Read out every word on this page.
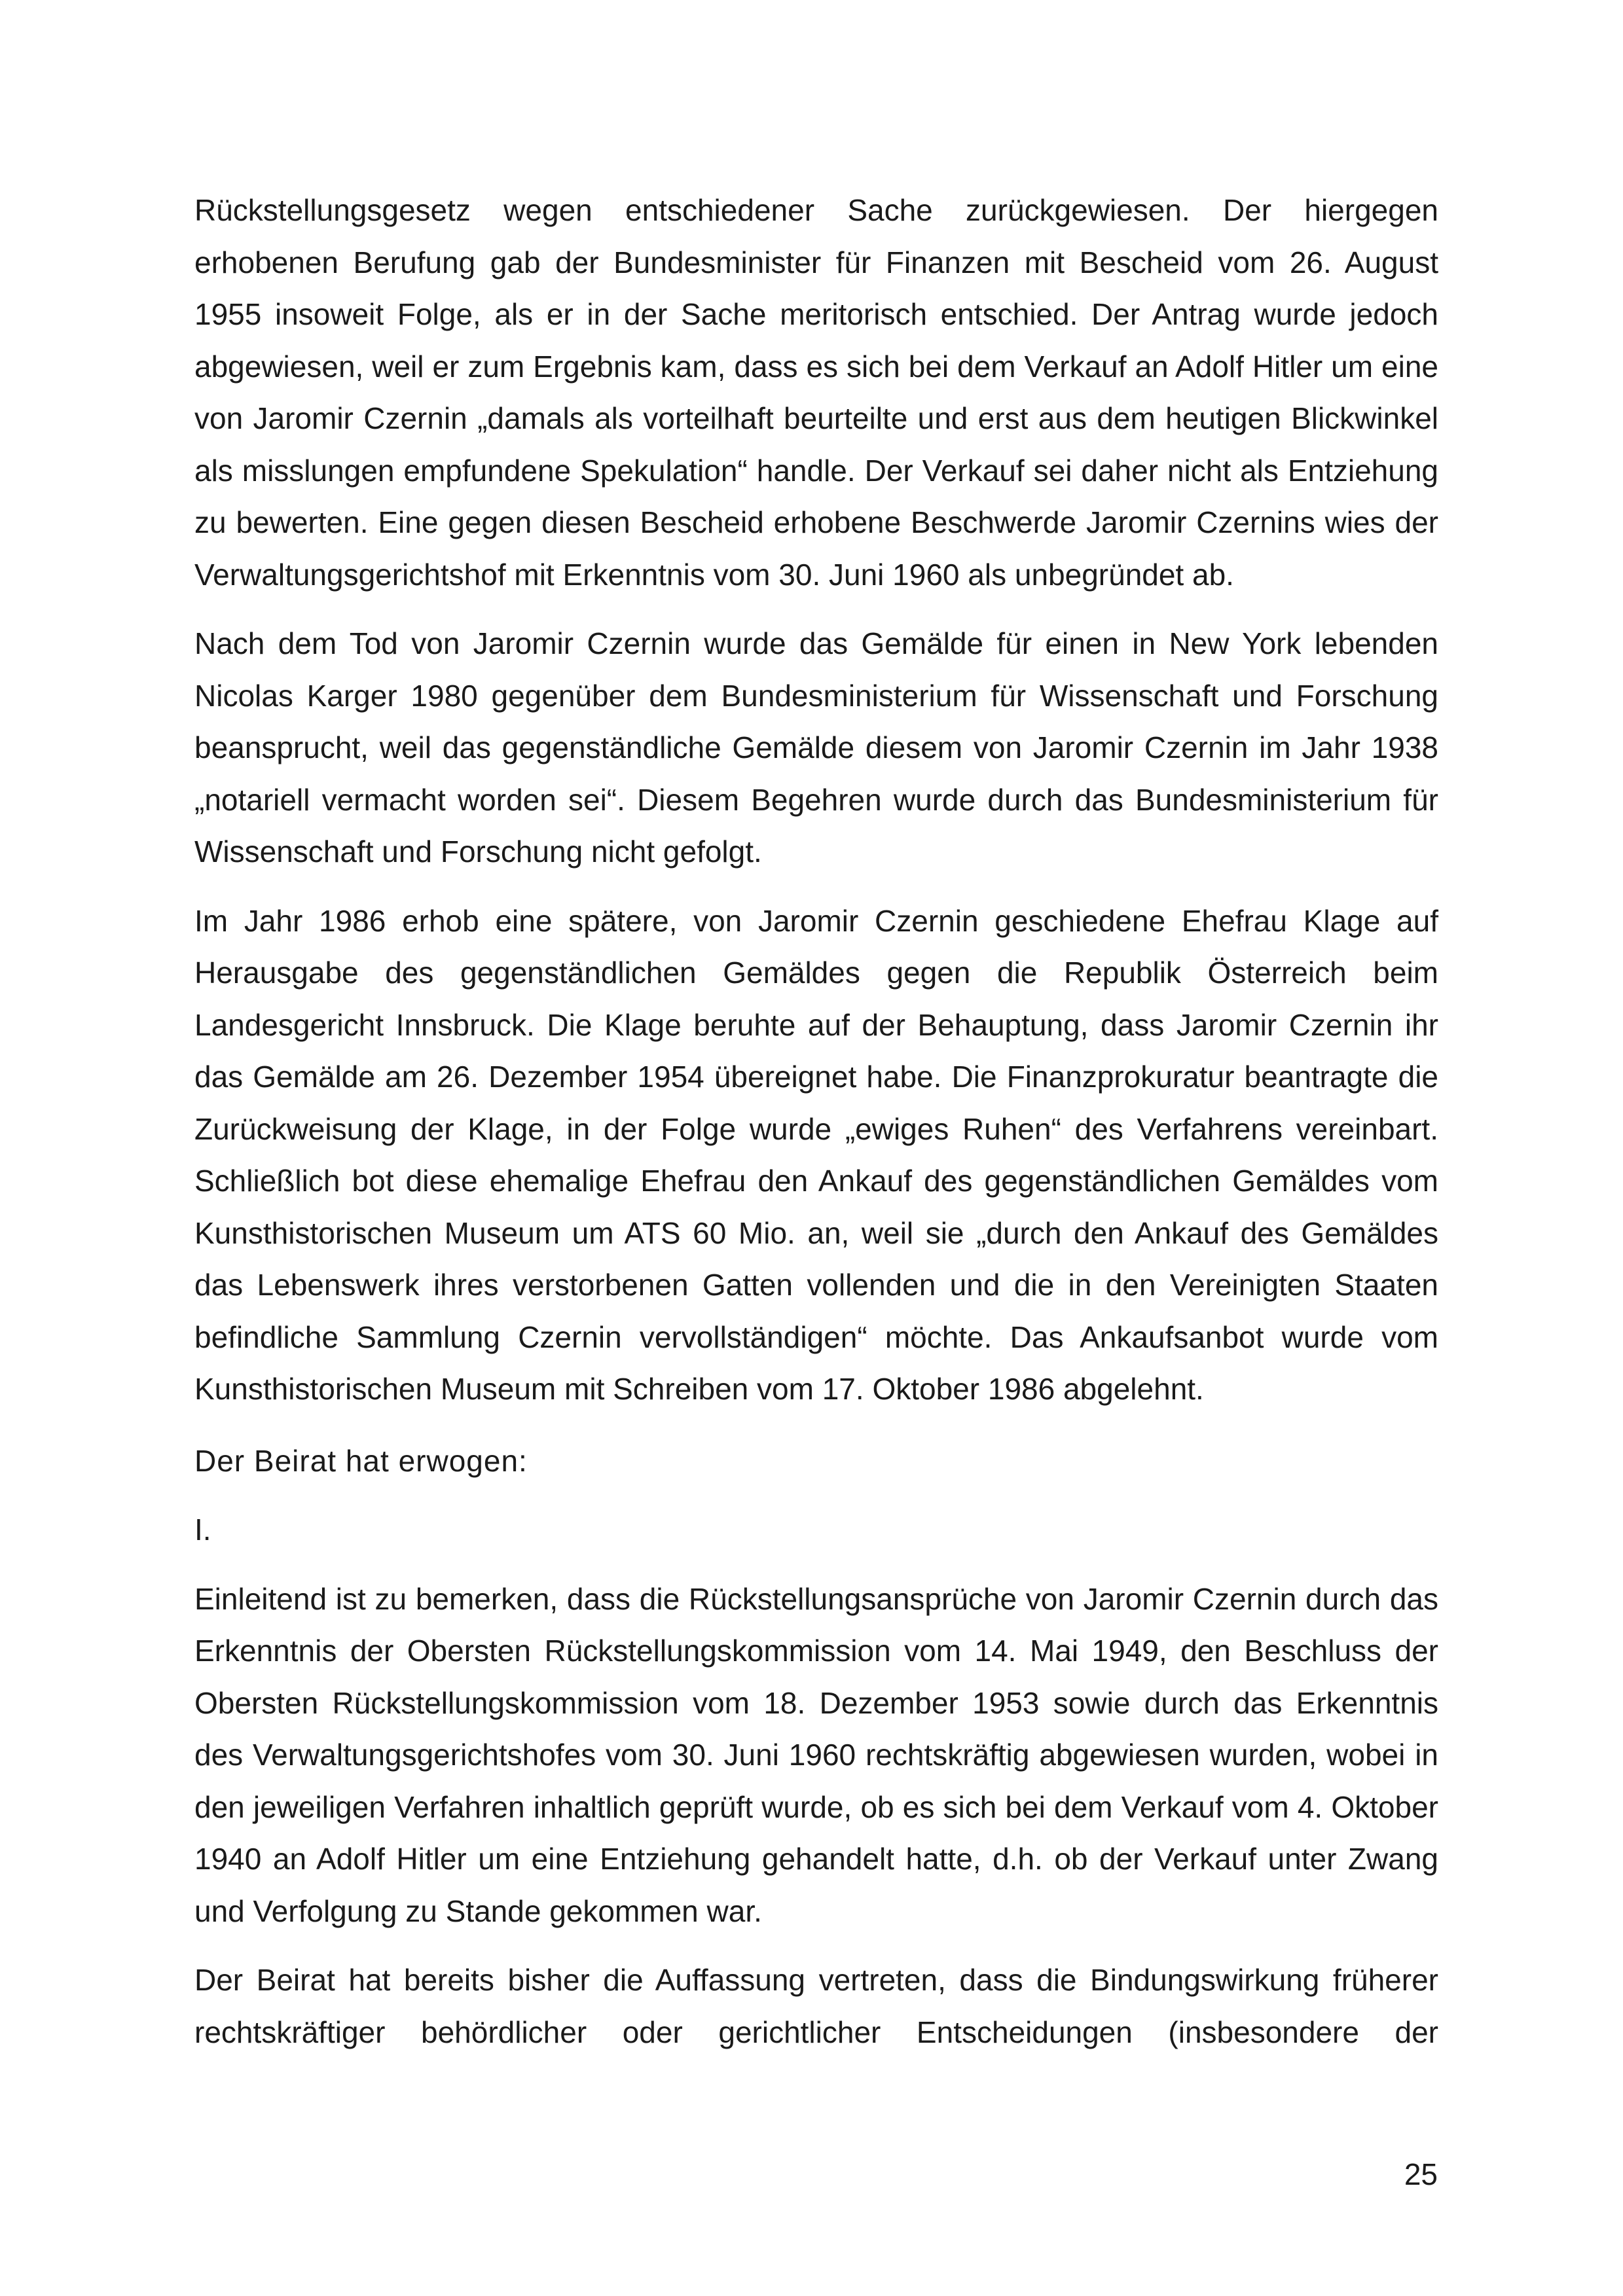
Rückstellungsgesetz wegen entschiedener Sache zurückgewiesen. Der hiergegen erhobenen Berufung gab der Bundesminister für Finanzen mit Bescheid vom 26. August 1955 insoweit Folge, als er in der Sache meritorisch entschied. Der Antrag wurde jedoch abgewiesen, weil er zum Ergebnis kam, dass es sich bei dem Verkauf an Adolf Hitler um eine von Jaromir Czernin „damals als vorteilhaft beurteilte und erst aus dem heutigen Blickwinkel als misslungen empfundene Spekulation“ handle. Der Verkauf sei daher nicht als Entziehung zu bewerten. Eine gegen diesen Bescheid erhobene Beschwerde Jaromir Czernins wies der Verwaltungsgerichtshof mit Erkenntnis vom 30. Juni 1960 als unbegründet ab.

Nach dem Tod von Jaromir Czernin wurde das Gemälde für einen in New York lebenden Nicolas Karger 1980 gegenüber dem Bundesministerium für Wissenschaft und Forschung beansprucht, weil das gegenständliche Gemälde diesem von Jaromir Czernin im Jahr 1938 „notariell vermacht worden sei“. Diesem Begehren wurde durch das Bundesministerium für Wissenschaft und Forschung nicht gefolgt.

Im Jahr 1986 erhob eine spätere, von Jaromir Czernin geschiedene Ehefrau Klage auf Herausgabe des gegenständlichen Gemäldes gegen die Republik Österreich beim Landesgericht Innsbruck. Die Klage beruhte auf der Behauptung, dass Jaromir Czernin ihr das Gemälde am 26. Dezember 1954 übereignet habe. Die Finanzprokuratur beantragte die Zurückweisung der Klage, in der Folge wurde „ewiges Ruhen“ des Verfahrens vereinbart. Schließlich bot diese ehemalige Ehefrau den Ankauf des gegenständlichen Gemäldes vom Kunsthistorischen Museum um ATS 60 Mio. an, weil sie „durch den Ankauf des Gemäldes das Lebenswerk ihres verstorbenen Gatten vollenden und die in den Vereinigten Staaten befindliche Sammlung Czernin vervollständigen“ möchte. Das Ankaufsanbot wurde vom Kunsthistorischen Museum mit Schreiben vom 17. Oktober 1986 abgelehnt.

Der Beirat hat erwogen:

I.

Einleitend ist zu bemerken, dass die Rückstellungsansprüche von Jaromir Czernin durch das Erkenntnis der Obersten Rückstellungskommission vom 14. Mai 1949, den Beschluss der Obersten Rückstellungskommission vom 18. Dezember 1953 sowie durch das Erkenntnis des Verwaltungsgerichtshofes vom 30. Juni 1960 rechtskräftig abgewiesen wurden, wobei in den jeweiligen Verfahren inhaltlich geprüft wurde, ob es sich bei dem Verkauf vom 4. Oktober 1940 an Adolf Hitler um eine Entziehung gehandelt hatte, d.h. ob der Verkauf unter Zwang und Verfolgung zu Stande gekommen war.

Der Beirat hat bereits bisher die Auffassung vertreten, dass die Bindungswirkung früherer rechtskräftiger behördlicher oder gerichtlicher Entscheidungen (insbesondere der

25
